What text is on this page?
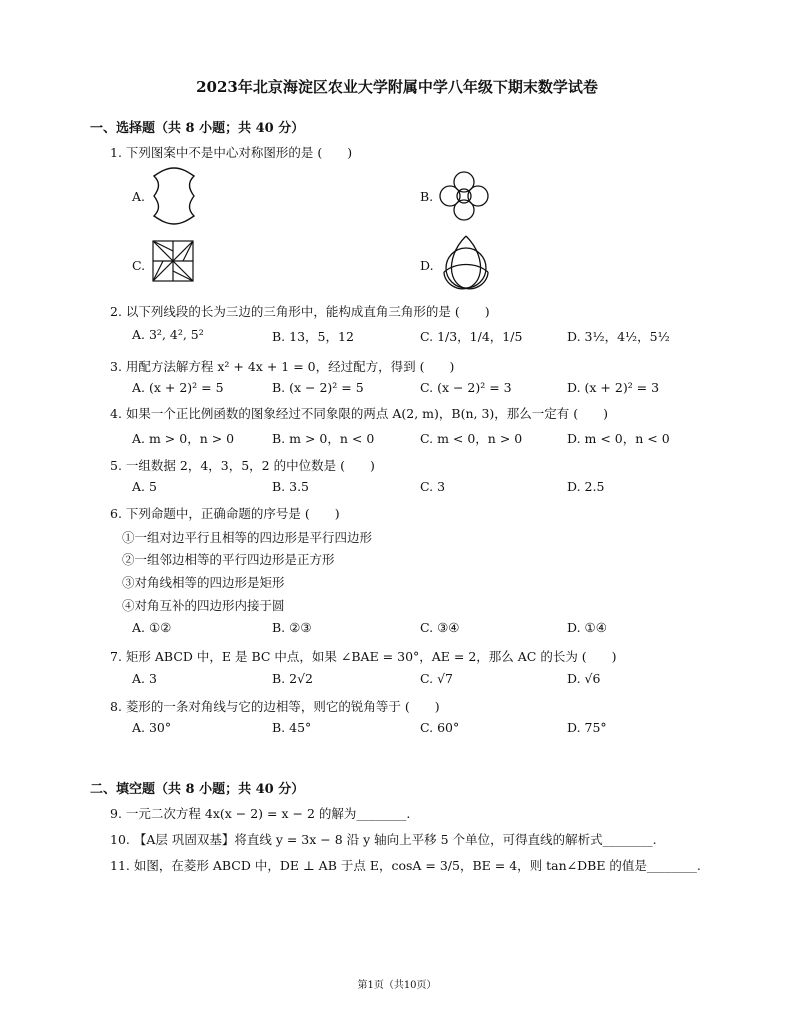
2023年北京海淀区农业大学附属中学八年级下期末数学试卷
一、选择题（共 8 小题；共 40 分）
1. 下列图案中不是中心对称图形的是 (　　)
A.	B.
C.	D.
2. 以下列线段的长为三边的三角形中，能构成直角三角形的是 (　　)
A. 3², 4², 5²	B. 13，5，12	C. 1/3，1/4，1/5	D. 3½，4½，5½
3. 用配方法解方程 x² + 4x + 1 = 0，经过配方，得到 (　　)
A. (x + 2)² = 5	B. (x − 2)² = 5	C. (x − 2)² = 3	D. (x + 2)² = 3
4. 如果一个正比例函数的图象经过不同象限的两点 A(2, m)，B(n, 3)，那么一定有 (　　)
A. m > 0，n > 0	B. m > 0，n < 0	C. m < 0，n > 0	D. m < 0，n < 0
5. 一组数据 2，4，3，5，2 的中位数是 (　　)
A. 5	B. 3.5	C. 3	D. 2.5
6. 下列命题中，正确命题的序号是 (　　)
①一组对边平行且相等的四边形是平行四边形
②一组邻边相等的平行四边形是正方形
③对角线相等的四边形是矩形
④对角互补的四边形内接于圆
A. ①②	B. ②③	C. ③④	D. ①④
7. 矩形 ABCD 中，E 是 BC 中点，如果 ∠BAE = 30°，AE = 2，那么 AC 的长为 (　　)
A. 3	B. 2√2	C. √7	D. √6
8. 菱形的一条对角线与它的边相等，则它的锐角等于 (　　)
A. 30°	B. 45°	C. 60°	D. 75°
二、填空题（共 8 小题；共 40 分）
9. 一元二次方程 4x(x − 2) = x − 2 的解为________.
10. 【A层 巩固双基】将直线 y = 3x − 8 沿 y 轴向上平移 5 个单位，可得直线的解析式________.
11. 如图，在菱形 ABCD 中，DE ⊥ AB 于点 E，cosA = 3/5，BE = 4，则 tan∠DBE 的值是________.
第1页（共10页）
